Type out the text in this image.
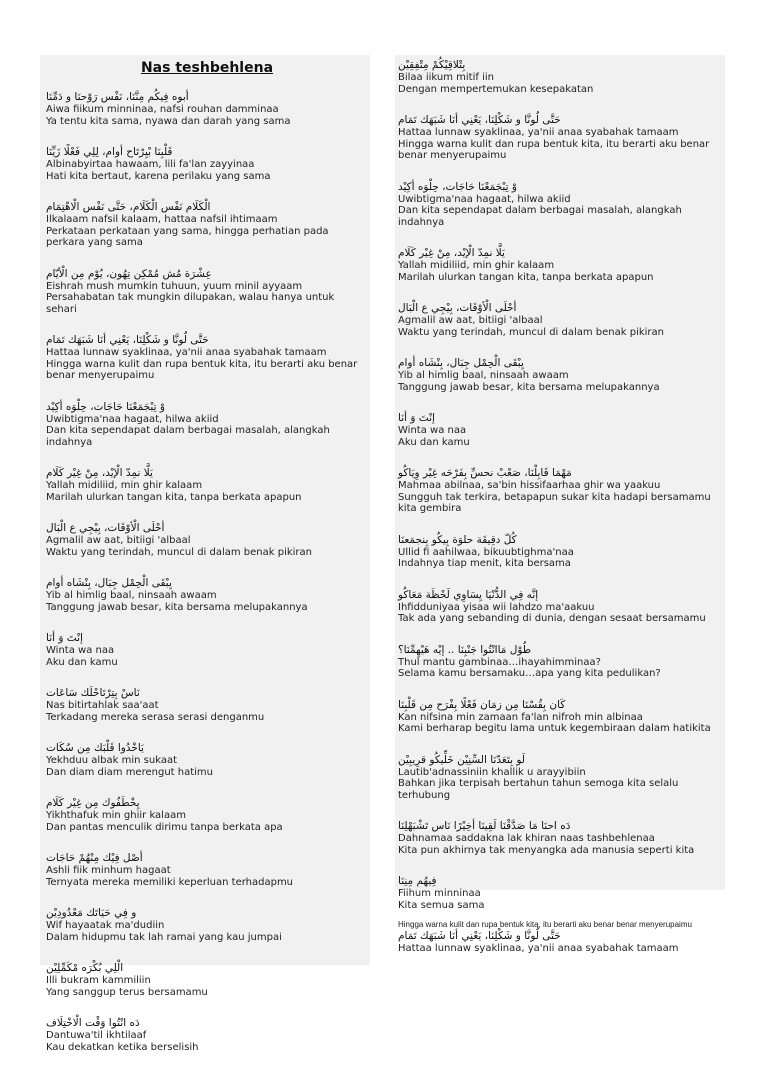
Nas teshbehlena
أبوه فِيكُم مِنَّنَا، نَفْس رَوْحنَا و دَمِّنَا
Aiwa fiikum minninaa, nafsi rouhan damminaa
Ya tentu kita sama, nyawa dan darah yang sama
قَلْبِنَا بْيِرْتَاح أوام، لِلِي فَعْلًا زَيِّنَا
Albinabyirtaa hawaam, lili fa'lan zayyinaa
Hati kita bertaut, karena perilaku yang sama
الْكَلَام نَفْس الْكَلَام، حَتَّى نَفْس الْاهْتِمَام
Ilkalaam nafsil kalaam, hattaa nafsil ihtimaam
Perkataan perkataan yang sama, hingga perhatian pada perkara yang sama
عِشْرَة مُش مُمْكِن تِهُون، يُوْم مِن الْأيّام
Eishrah mush mumkin tuhuun, yuum minil ayyaam
Persahabatan tak mungkin dilupakan, walau hanya untuk sehari
حَتَّى لُونَّا و شَكْلِنَا، يَعْنِي أنَا شَبَهَك تَمَام
Hattaa lunnaw syaklinaa, ya'nii anaa syabahak tamaam
Hingga warna kulit dan rupa bentuk kita, itu berarti aku benar benar menyerupaimu
وْ تِبْجَمَعْنَا حَاجَات، حِلْوَه أكِيْد
Uwibtigma'naa hagaat, hilwa akiid
Dan kita sependapat dalam berbagai masalah, alangkah indahnya
يَلَّا نمِدّ الْإيْد، مِنْ غِيْر كَلَام
Yallah midiliid, min ghir kalaam
Marilah ulurkan tangan kita, tanpa berkata apapun
أحْلَى الْأوْقَات، بِيْجِي ع الْبَال
Agmalil aw aat, bitiigi 'albaal
Waktu yang terindah, muncul di dalam benak pikiran
يِبْقَى الْحِمْل جِبَال، بِنْشَاه أوام
Yib al himlig baal, ninsaah awaam
Tanggung jawab besar, kita bersama melupakannya
إنْتَ وَ أنَا
Winta wa naa
Aku dan kamu
نَاسْ بِتِرْتَاحْلَك سَاعَات
Nas bitirtahlak saa'aat
Terkadang mereka serasa serasi denganmu
يَاخْدُوا قَلْبَك مِن سُكَات
Yekhduu albak min sukaat
Dan diam diam merengut hatimu
يِخْطَفُوك مِن غِيْر كَلَام
Yikhthafuk min ghiir kalaam
Dan pantas menculik dirimu tanpa berkata apa
أصْل فِيْك مِنْهُمْ حَاجَات
Ashli fiik minhum hagaat
Ternyata mereka memiliki keperluan terhadapmu
و فِي حَيَاتَك مَعْدُودِيْن
Wif hayaatak ma'dudiin
Dalam hidupmu tak lah ramai yang kau jumpai
الْلِي بُكْرَه مْكَمِّلِيْن
Illi bukram kammiliin
Yang sanggup terus bersamamu
دَه انْتُوا وَقْت الْاخْتِلَاف
Dantuwa'til ikhtilaaf
Kau dekatkan ketika berselisih
بِتْلاقِيْكُمْ مِتْفِقِيْن
Bilaa iikum mitif iin
Dengan mempertemukan kesepakatan
حَتَّى لُونَّا و شَكْلِنَا، يَعْنِي أنَا شَبَهَك تَمَام
Hattaa lunnaw syaklinaa, ya'nii anaa syabahak tamaam
Hingga warna kulit dan rupa bentuk kita, itu berarti aku benar benar menyerupaimu
وْ تِبْجَمَعْنَا حَاجَات، حِلْوَه أكِيْد
Uwibtigma'naa hagaat, hilwa akiid
Dan kita sependapat dalam berbagai masalah, alangkah indahnya
يَلَّا نمِدّ الْإيْد، مِنْ غِيْر كَلَام
Yallah midiliid, min ghir kalaam
Marilah ulurkan tangan kita, tanpa berkata apapun
أحْلَى الْأوْقَات، بِيْجِي ع الْبَال
Agmalil aw aat, bitiigi 'albaal
Waktu yang terindah, muncul di dalam benak pikiran
يِبْقَى الْحِمْل جِبَال، بِنْشَاه أوام
Yib al himlig baal, ninsaah awaam
Tanggung jawab besar, kita bersama melupakannya
إنْتَ وَ أنَا
Winta wa naa
Aku dan kamu
مَهْمَا قَابِلْنَا، صَعْبْ نحسِّ بِفَرْحَه غِيْر وِيَاكُو
Mahmaa abilnaa, sa'bin hissifaarhaa ghir wa yaakuu
Sungguh tak terkira, betapapun sukar kita hadapi bersamamu kita gembira
كُلّ دقِيقَة حلوَة بِيكُو بِنجمَعنَا
Ullid fi aahilwaa, bikuubtighma'naa
Indahnya tiap menit, kita bersama
إنَّه فِي الدُّنْيَا يِسَاوِي لَحْظَة مَعَاكُو
Ihfidduniyaa yisaa wii lahdzo ma'aakuu
Tak ada yang sebanding di dunia, dengan sesaat bersamamu
طُوْل مَاانْتُوا جَنْبِنَا .. إيْه هَيْهِمِّنَا؟
Thul mantu gambinaa…ihayahimminaa?
Selama kamu bersamaku…apa yang kita pedulikan?
كَان بِقُسْنَا مِن زمَان فَعْلًا بِفْرَح مِن قَلْبِنَا
Kan nifsina min zamaan fa'lan nifroh min albinaa
Kami berharap begitu lama untuk kegembiraan dalam hatikita
لَو بِتَعَدّنَا السِّنِيْن خَلِّيكُو قرِيبِيْن
Lautib'adnassiniin khallik u arayyibiin
Bahkan jika terpisah bertahun tahun semoga kita selalu terhubung
دَه احنَا مَا صَدَّقْنَا لَقِينَا أخِيْرًا نَاس تَشْبَهْلِنَا
Dahnamaa saddakna lak khiran naas tashbehlenaa
Kita pun akhirnya tak menyangka ada manusia seperti kita
فِيهُم مِنِنَا
Fiihum minninaa
Kita semua sama
حَتَّى لُونَّا و شَكْلِنَا، يَعْنِي أنَا شَبَهَك تَمَام
Hattaa lunnaw syaklinaa, ya'nii anaa syabahak tamaam
Hingga warna kulit dan rupa bentuk kita, itu berarti aku benar benar menyerupaimu
